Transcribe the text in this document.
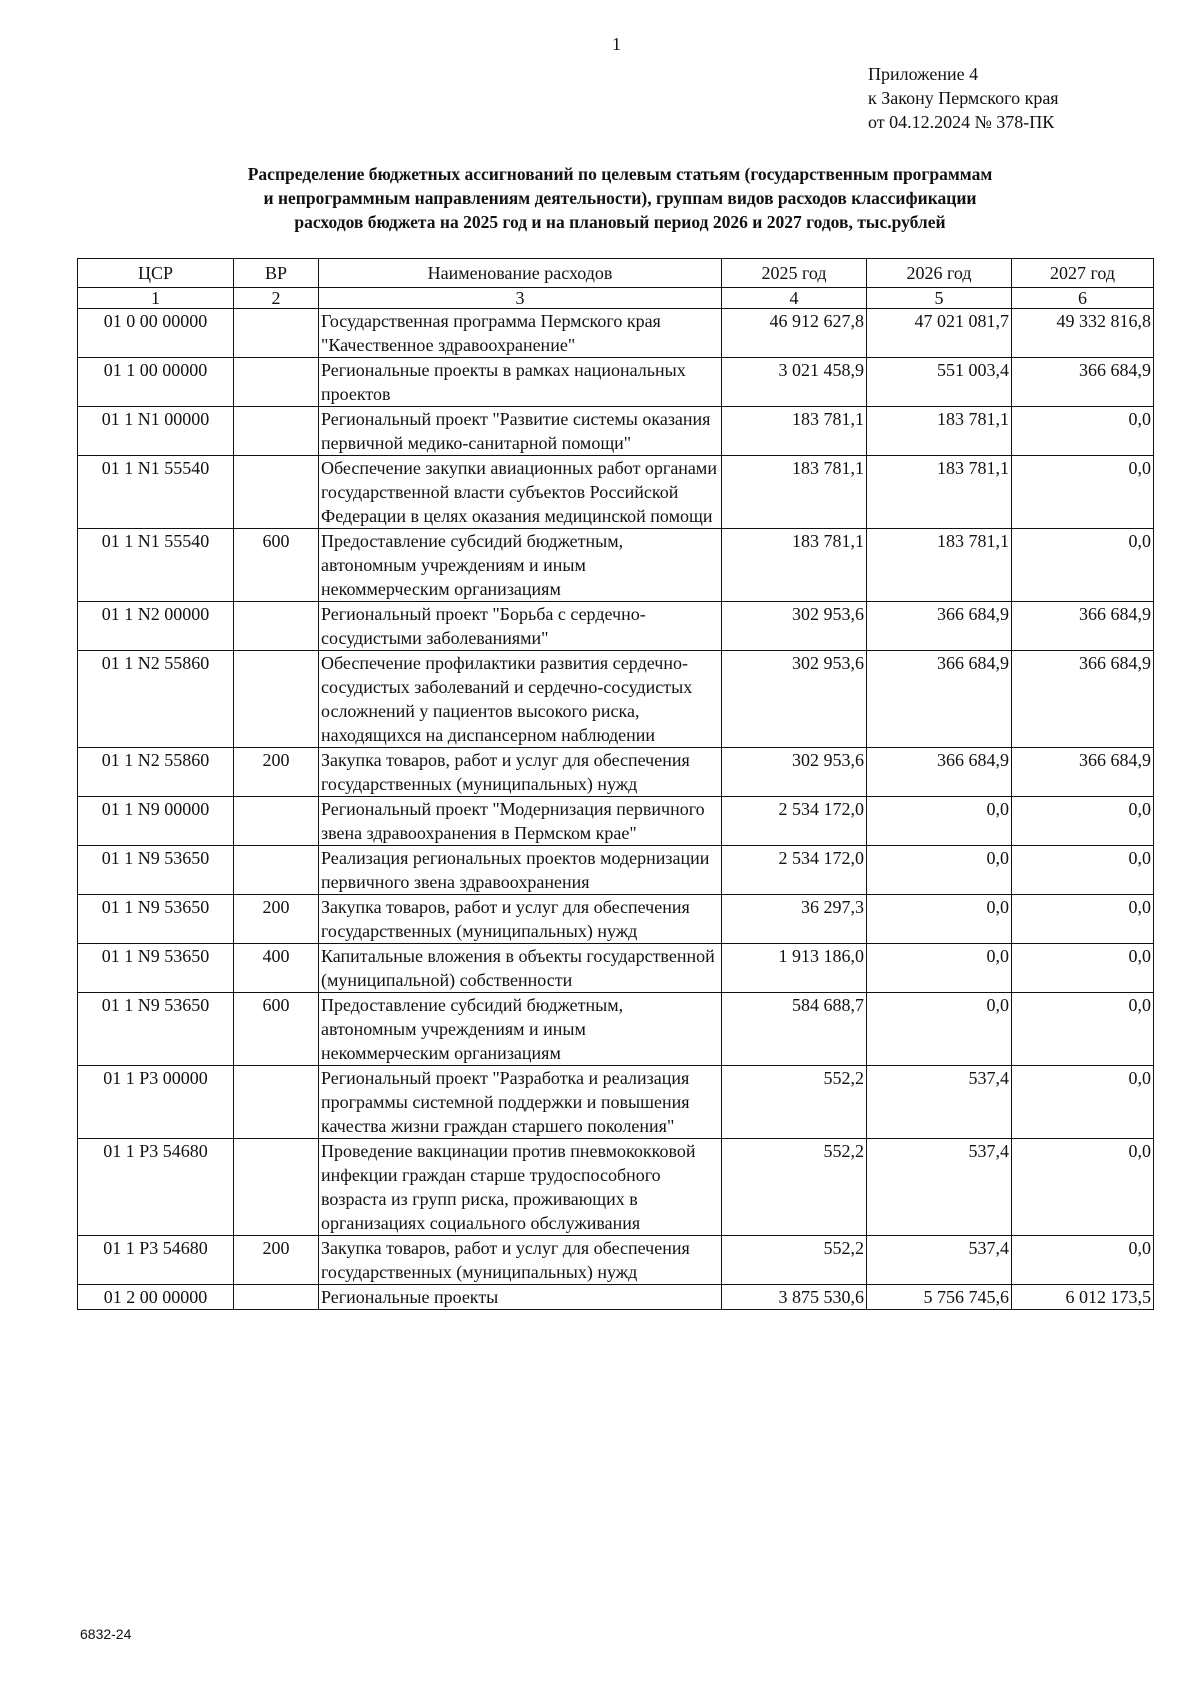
1
Приложение 4
к Закону Пермского края
от 04.12.2024 № 378-ПК
Распределение бюджетных ассигнований по целевым статьям (государственным программам
и непрограммным направлениям деятельности), группам видов расходов классификации
расходов бюджета на 2025 год и на плановый период 2026 и 2027 годов, тыс.рублей
ЦСР	ВР	Наименование расходов	2025 год	2026 год	2027 год
1	2	3	4	5	6
01 0 00 00000		Государственная программа Пермского края "Качественное здравоохранение"	46 912 627,8	47 021 081,7	49 332 816,8
01 1 00 00000		Региональные проекты в рамках национальных проектов	3 021 458,9	551 003,4	366 684,9
01 1 N1 00000		Региональный проект "Развитие системы оказания первичной медико-санитарной помощи"	183 781,1	183 781,1	0,0
01 1 N1 55540		Обеспечение закупки авиационных работ органами государственной власти субъектов Российской Федерации в целях оказания медицинской помощи	183 781,1	183 781,1	0,0
01 1 N1 55540	600	Предоставление субсидий бюджетным, автономным учреждениям и иным некоммерческим организациям	183 781,1	183 781,1	0,0
01 1 N2 00000		Региональный проект "Борьба с сердечно-сосудистыми заболеваниями"	302 953,6	366 684,9	366 684,9
01 1 N2 55860		Обеспечение профилактики развития сердечно-сосудистых заболеваний и сердечно-сосудистых осложнений у пациентов высокого риска, находящихся на диспансерном наблюдении	302 953,6	366 684,9	366 684,9
01 1 N2 55860	200	Закупка товаров, работ и услуг для обеспечения государственных (муниципальных) нужд	302 953,6	366 684,9	366 684,9
01 1 N9 00000		Региональный проект "Модернизация первичного звена здравоохранения в Пермском крае"	2 534 172,0	0,0	0,0
01 1 N9 53650		Реализация региональных проектов модернизации первичного звена здравоохранения	2 534 172,0	0,0	0,0
01 1 N9 53650	200	Закупка товаров, работ и услуг для обеспечения государственных (муниципальных) нужд	36 297,3	0,0	0,0
01 1 N9 53650	400	Капитальные вложения в объекты государственной (муниципальной) собственности	1 913 186,0	0,0	0,0
01 1 N9 53650	600	Предоставление субсидий бюджетным, автономным учреждениям и иным некоммерческим организациям	584 688,7	0,0	0,0
01 1 P3 00000		Региональный проект "Разработка и реализация программы системной поддержки и повышения качества жизни граждан старшего поколения"	552,2	537,4	0,0
01 1 P3 54680		Проведение вакцинации против пневмококковой инфекции граждан старше трудоспособного возраста из групп риска, проживающих в организациях социального обслуживания	552,2	537,4	0,0
01 1 P3 54680	200	Закупка товаров, работ и услуг для обеспечения государственных (муниципальных) нужд	552,2	537,4	0,0
01 2 00 00000		Региональные проекты	3 875 530,6	5 756 745,6	6 012 173,5
6832-24
